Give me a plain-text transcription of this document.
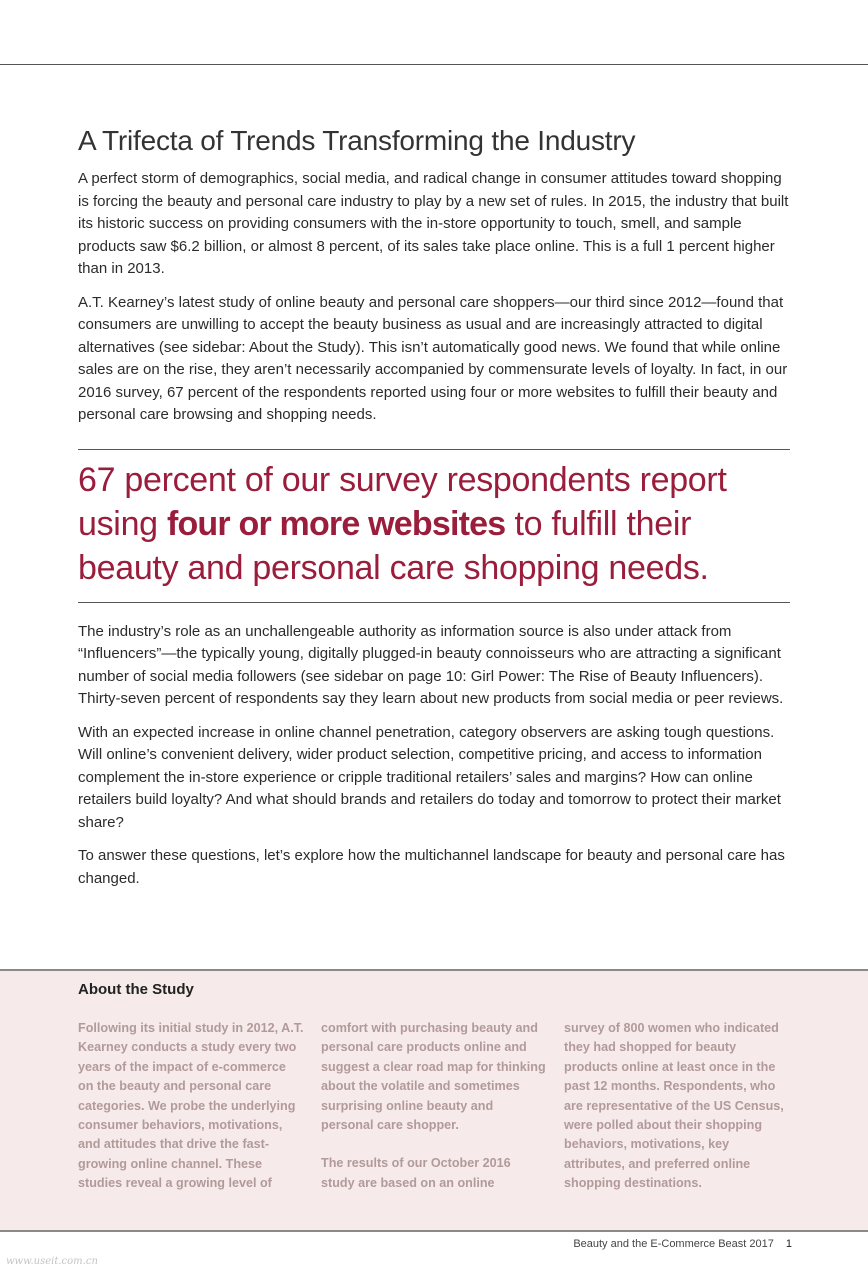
A Trifecta of Trends Transforming the Industry

A perfect storm of demographics, social media, and radical change in consumer attitudes toward shopping is forcing the beauty and personal care industry to play by a new set of rules. In 2015, the industry that built its historic success on providing consumers with the in-store opportunity to touch, smell, and sample products saw $6.2 billion, or almost 8 percent, of its sales take place online. This is a full 1 percent higher than in 2013.

A.T. Kearney’s latest study of online beauty and personal care shoppers—our third since 2012—found that consumers are unwilling to accept the beauty business as usual and are increasingly attracted to digital alternatives (see sidebar: About the Study). This isn’t automatically good news. We found that while online sales are on the rise, they aren’t necessarily accompanied by commensurate levels of loyalty. In fact, in our 2016 survey, 67 percent of the respondents reported using four or more websites to fulfill their beauty and personal care browsing and shopping needs.

67 percent of our survey respondents report using four or more websites to fulfill their beauty and personal care shopping needs.

The industry’s role as an unchallengeable authority as information source is also under attack from “Influencers”—the typically young, digitally plugged-in beauty connoisseurs who are attracting a significant number of social media followers (see sidebar on page 10: Girl Power: The Rise of Beauty Influencers). Thirty-seven percent of respondents say they learn about new products from social media or peer reviews.

With an expected increase in online channel penetration, category observers are asking tough questions. Will online’s convenient delivery, wider product selection, competitive pricing, and access to information complement the in-store experience or cripple traditional retailers’ sales and margins? How can online retailers build loyalty? And what should brands and retailers do today and tomorrow to protect their market share?

To answer these questions, let’s explore how the multichannel landscape for beauty and personal care has changed.

About the Study

Following its initial study in 2012, A.T. Kearney conducts a study every two years of the impact of e-commerce on the beauty and personal care categories. We probe the underlying consumer behaviors, motivations, and attitudes that drive the fast-growing online channel. These studies reveal a growing level of

comfort with purchasing beauty and personal care products online and suggest a clear road map for thinking about the volatile and sometimes surprising online beauty and personal care shopper.

The results of our October 2016 study are based on an online

survey of 800 women who indicated they had shopped for beauty products online at least once in the past 12 months. Respondents, who are representative of the US Census, were polled about their shopping behaviors, motivations, key attributes, and preferred online shopping destinations.

Beauty and the E-Commerce Beast 2017 1
www.useit.com.cn
